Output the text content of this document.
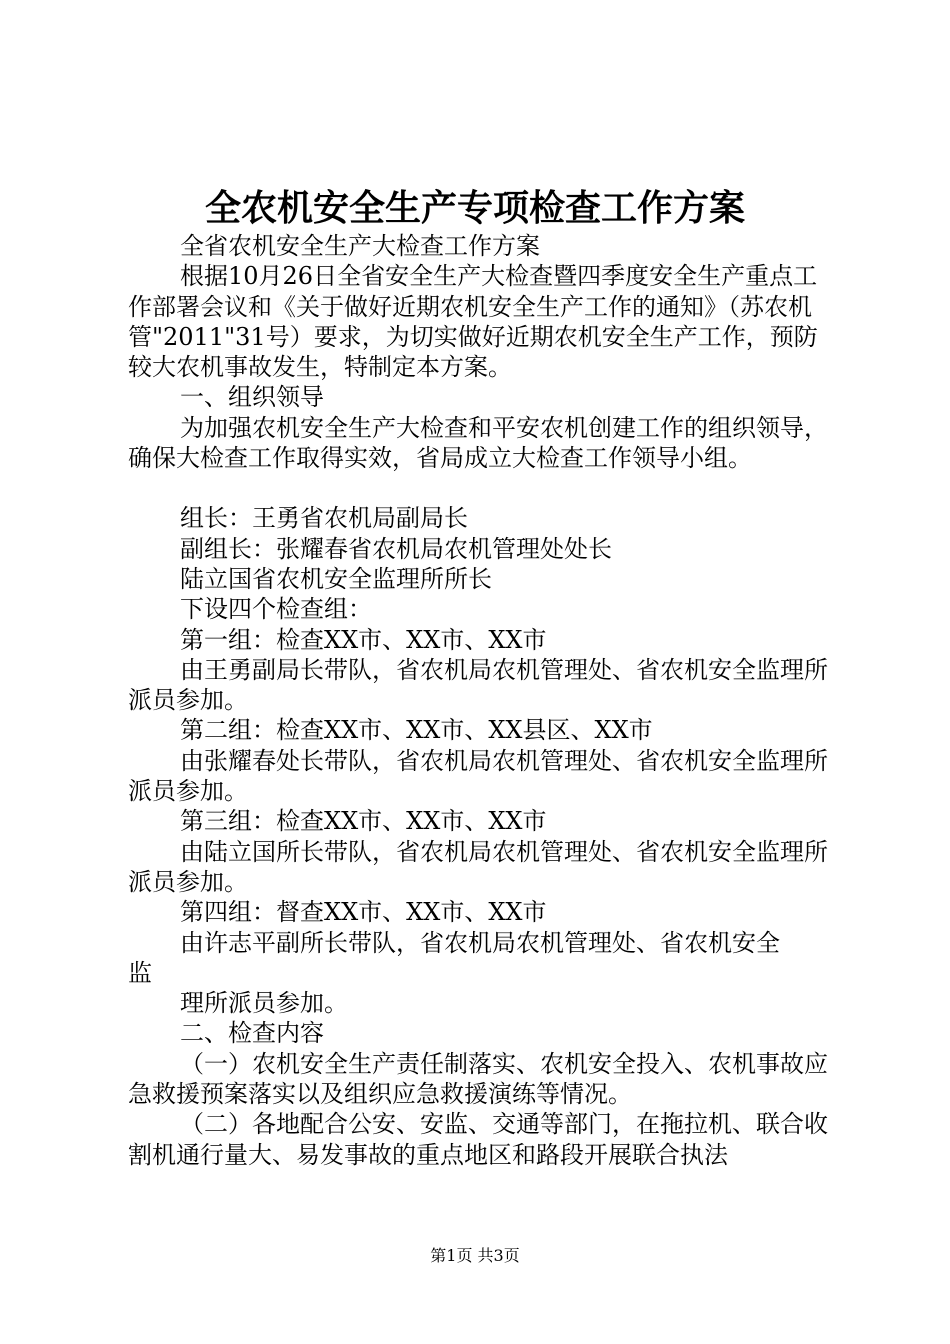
全农机安全生产专项检查工作方案

全省农机安全生产大检查工作方案

根据10月26日全省安全生产大检查暨四季度安全生产重点工作部署会议和《关于做好近期农机安全生产工作的通知》（苏农机管"2011"31号）要求，为切实做好近期农机安全生产工作，预防较大农机事故发生，特制定本方案。

一、组织领导

为加强农机安全生产大检查和平安农机创建工作的组织领导，确保大检查工作取得实效，省局成立大检查工作领导小组。

组长：王勇省农机局副局长

副组长：张耀春省农机局农机管理处处长

陆立国省农机安全监理所所长

下设四个检查组：

第一组：检查XX市、XX市、XX市

由王勇副局长带队，省农机局农机管理处、省农机安全监理所派员参加。

第二组：检查XX市、XX市、XX县区、XX市

由张耀春处长带队，省农机局农机管理处、省农机安全监理所派员参加。

第三组：检查XX市、XX市、XX市

由陆立国所长带队，省农机局农机管理处、省农机安全监理所派员参加。

第四组：督查XX市、XX市、XX市

由许志平副所长带队，省农机局农机管理处、省农机安全

监

理所派员参加。

二、检查内容

（一）农机安全生产责任制落实、农机安全投入、农机事故应急救援预案落实以及组织应急救援演练等情况。

（二）各地配合公安、安监、交通等部门，在拖拉机、联合收割机通行量大、易发事故的重点地区和路段开展联合执法

第1页 共3页
